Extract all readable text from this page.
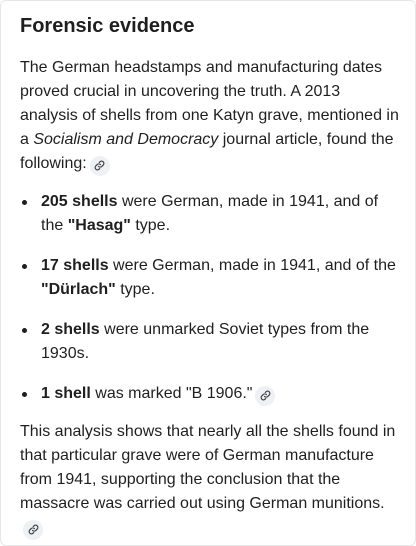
Forensic evidence

The German headstamps and manufacturing dates proved crucial in uncovering the truth. A 2013 analysis of shells from one Katyn grave, mentioned in a Socialism and Democracy journal article, found the following:

205 shells were German, made in 1941, and of the "Hasag" type.
17 shells were German, made in 1941, and of the "Dürlach" type.
2 shells were unmarked Soviet types from the 1930s.
1 shell was marked "B 1906."

This analysis shows that nearly all the shells found in that particular grave were of German manufacture from 1941, supporting the conclusion that the massacre was carried out using German munitions.
